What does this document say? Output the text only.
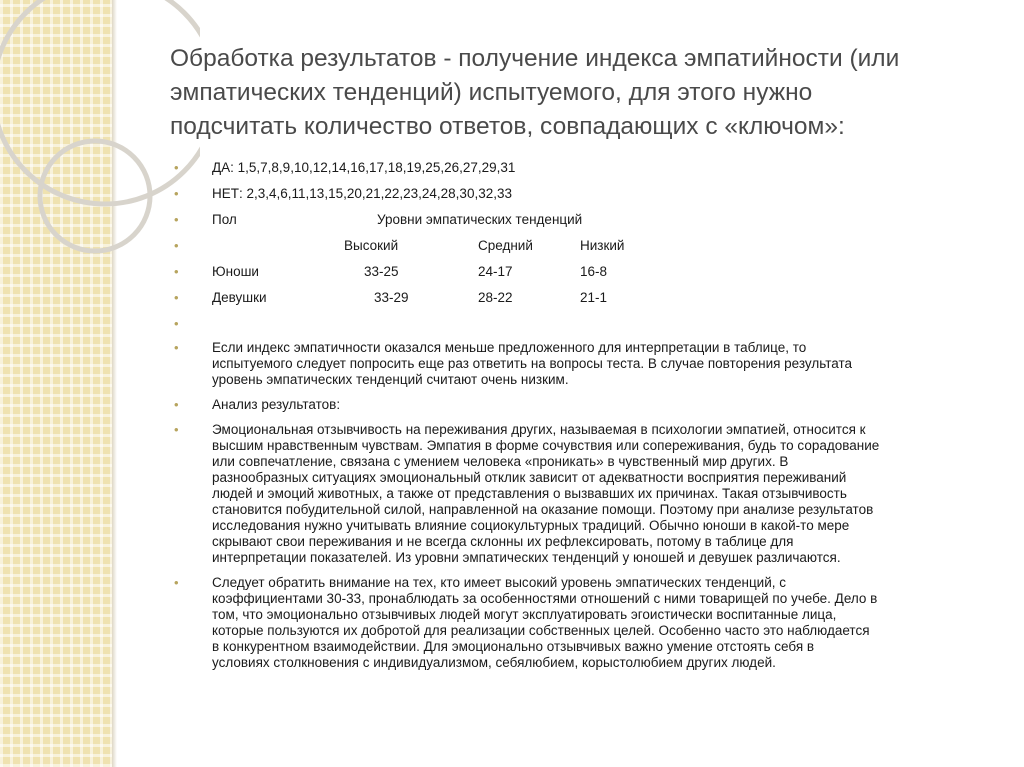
Обработка результатов - получение индекса эмпатийности (или
эмпатических тенденций) испытуемого, для этого нужно
подсчитать количество ответов, совпадающих с «ключом»:
• ДА: 1,5,7,8,9,10,12,14,16,17,18,19,25,26,27,29,31
• НЕТ: 2,3,4,6,11,13,15,20,21,22,23,24,28,30,32,33
• Пол	Уровни эмпатических тенденций
•	Высокий	Средний	Низкий
• Юноши	33-25	24-17	16-8
• Девушки	33-29	28-22	21-1
•
• Если индекс эмпатичности оказался меньше предложенного для интерпретации в таблице, то
испытуемого следует попросить еще раз ответить на вопросы теста. В случае повторения результата
уровень эмпатических тенденций считают очень низким.
• Анализ результатов:
• Эмоциональная отзывчивость на переживания других, называемая в психологии эмпатией, относится к
высшим нравственным чувствам. Эмпатия в форме сочувствия или сопереживания, будь то сорадование
или совпечатление, связана с умением человека «проникать» в чувственный мир других. В
разнообразных ситуациях эмоциональный отклик зависит от адекватности восприятия переживаний
людей и эмоций животных, а также от представления о вызвавших их причинах. Такая отзывчивость
становится побудительной силой, направленной на оказание помощи. Поэтому при анализе результатов
исследования нужно учитывать влияние социокультурных традиций. Обычно юноши в какой-то мере
скрывают свои переживания и не всегда склонны их рефлексировать, потому в таблице для
интерпретации показателей. Из уровни эмпатических тенденций у юношей и девушек различаются.
• Следует обратить внимание на тех, кто имеет высокий уровень эмпатических тенденций, с
коэффициентами 30-33, пронаблюдать за особенностями отношений с ними товарищей по учебе. Дело в
том, что эмоционально отзывчивых людей могут эксплуатировать эгоистически воспитанные лица,
которые пользуются их добротой для реализации собственных целей. Особенно часто это наблюдается
в конкурентном взаимодействии. Для эмоционально отзывчивых важно умение отстоять себя в
условиях столкновения с индивидуализмом, себялюбием, корыстолюбием других людей.
